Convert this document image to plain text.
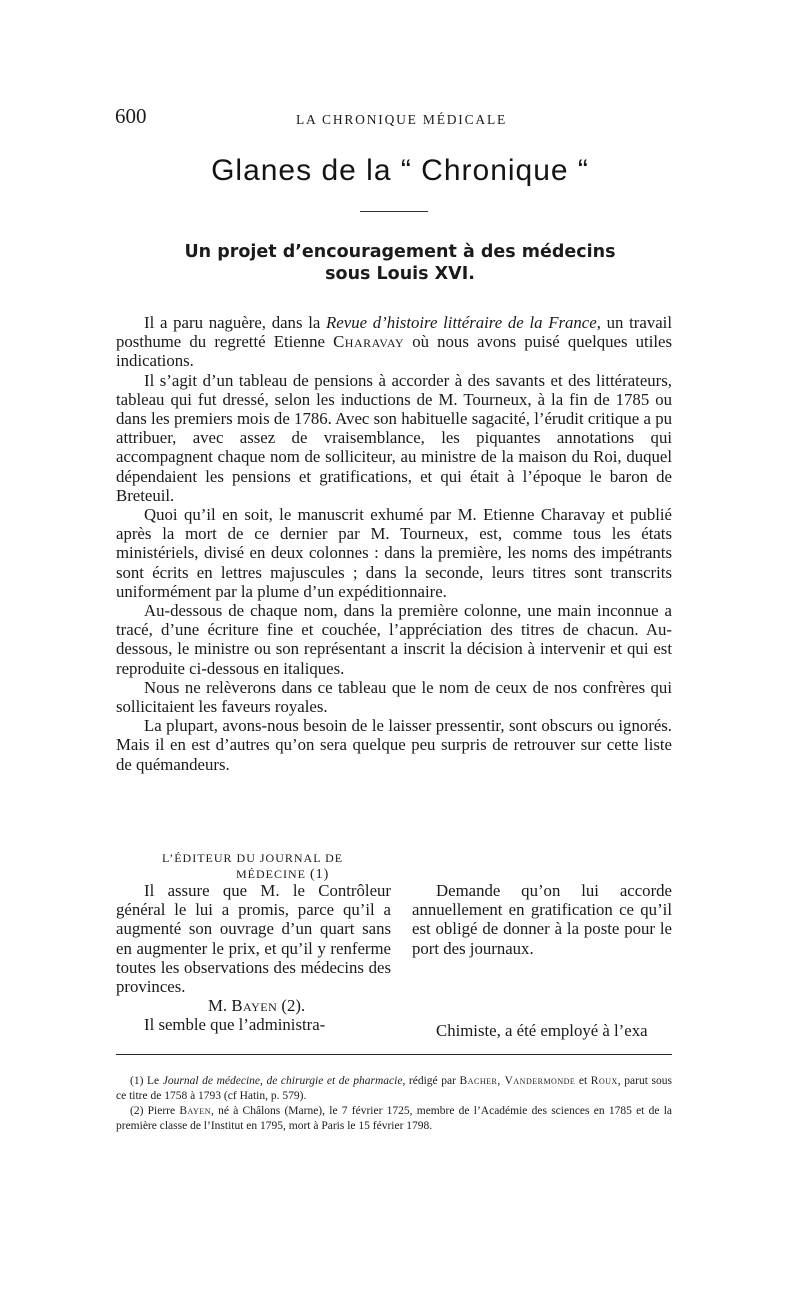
600	LA CHRONIQUE MÉDICALE
Glanes de la “ Chronique “
Un projet d’encouragement à des médecins
sous Louis XVI.

Il a paru naguère, dans la Revue d’histoire littéraire de la France, un travail posthume du regretté Etienne Charavay où nous avons puisé quelques utiles indications.

Il s’agit d’un tableau de pensions à accorder à des savants et des littérateurs, tableau qui fut dressé, selon les inductions de M. Tourneux, à la fin de 1785 ou dans les premiers mois de 1786. Avec son habituelle sagacité, l’érudit critique a pu attribuer, avec assez de vraisemblance, les piquantes annotations qui accompagnent chaque nom de solliciteur, au ministre de la maison du Roi, duquel dépendaient les pensions et gratifications, et qui était à l’époque le baron de Breteuil.

Quoi qu’il en soit, le manuscrit exhumé par M. Etienne Charavay et publié après la mort de ce dernier par M. Tourneux, est, comme tous les états ministériels, divisé en deux colonnes : dans la première, les noms des impétrants sont écrits en lettres majuscules ; dans la seconde, leurs titres sont transcrits uniformément par la plume d’un expéditionnaire.

Au-dessous de chaque nom, dans la première colonne, une main inconnue a tracé, d’une écriture fine et couchée, l’appréciation des titres de chacun. Au-dessous, le ministre ou son représentant a inscrit la décision à intervenir et qui est reproduite ci-dessous en italiques.

Nous ne relèverons dans ce tableau que le nom de ceux de nos confrères qui sollicitaient les faveurs royales.

La plupart, avons-nous besoin de le laisser pressentir, sont obscurs ou ignorés. Mais il en est d’autres qu’on sera quelque peu surpris de retrouver sur cette liste de quémandeurs.

L’ÉDITEUR DU JOURNAL DE
MÉDECINE (1)

Il assure que M. le Contrôleur général le lui a promis, parce qu’il a augmenté son ouvrage d’un quart sans en augmenter le prix, et qu’il y renferme toutes les observations des médecins des provinces.

M. Bayen (2).

Il semble que l’administra-

Demande qu’on lui accorde annuellement en gratification ce qu’il est obligé de donner à la poste pour le port des journaux.

Chimiste, a été employé à l’exa

(1) Le Journal de médecine, de chirurgie et de pharmacie, rédigé par Bacher, Vandermonde et Roux, parut sous ce titre de 1758 à 1793 (cf Hatin, p. 579).

(2) Pierre Bayen, né à Châlons (Marne), le 7 février 1725, membre de l’Académie des sciences en 1785 et de la première classe de l’Institut en 1795, mort à Paris le 15 février 1798.
